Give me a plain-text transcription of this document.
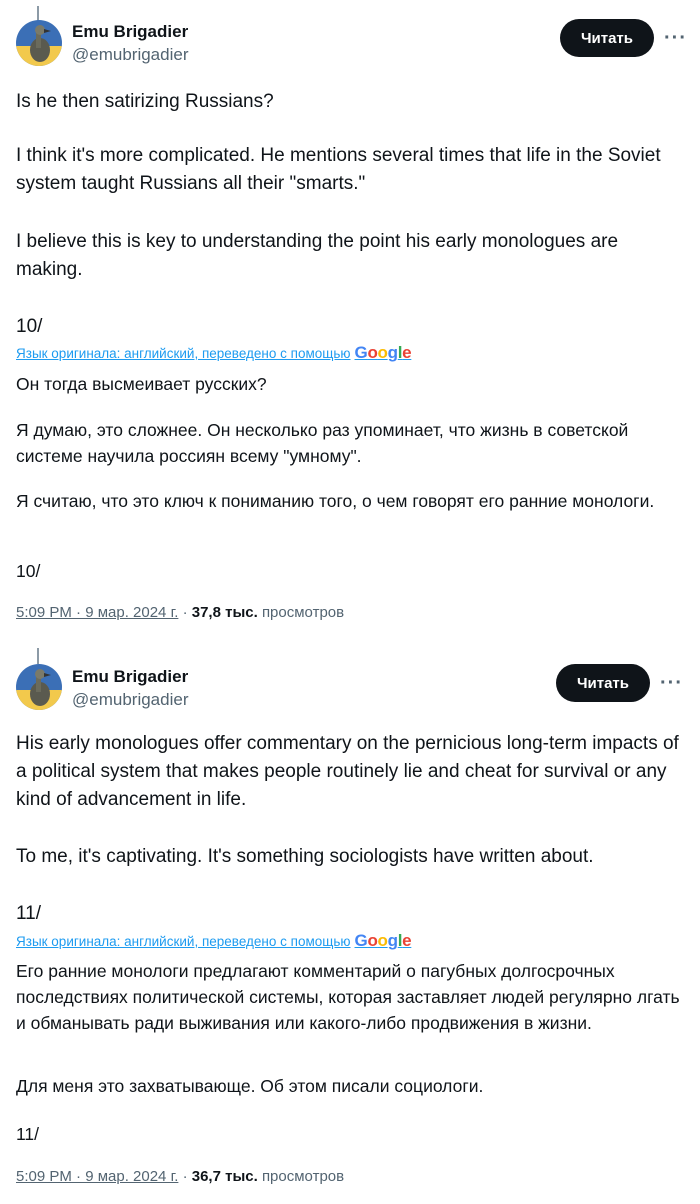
Emu Brigadier
@emubrigadier
Читать	···

Is he then satirizing Russians?

I think it's more complicated. He mentions several times that life in the Soviet system taught Russians all their "smarts."

I believe this is key to understanding the point his early monologues are making.

10/

Язык оригинала: английский, переведено с помощью Google

Он тогда высмеивает русских?

Я думаю, это сложнее. Он несколько раз упоминает, что жизнь в советской системе научила россиян всему "умному".

Я считаю, что это ключ к пониманию того, о чем говорят его ранние монологи.

10/

5:09 PM · 9 мар. 2024 г. · 37,8 тыс. просмотров
Emu Brigadier
@emubrigadier
Читать	···

His early monologues offer commentary on the pernicious long-term impacts of a political system that makes people routinely lie and cheat for survival or any kind of advancement in life.

To me, it's captivating. It's something sociologists have written about.

11/

Язык оригинала: английский, переведено с помощью Google

Его ранние монологи предлагают комментарий о пагубных долгосрочных последствиях политической системы, которая заставляет людей регулярно лгать и обманывать ради выживания или какого-либо продвижения в жизни.

Для меня это захватывающе. Об этом писали социологи.

11/

5:09 PM · 9 мар. 2024 г. · 36,7 тыс. просмотров
